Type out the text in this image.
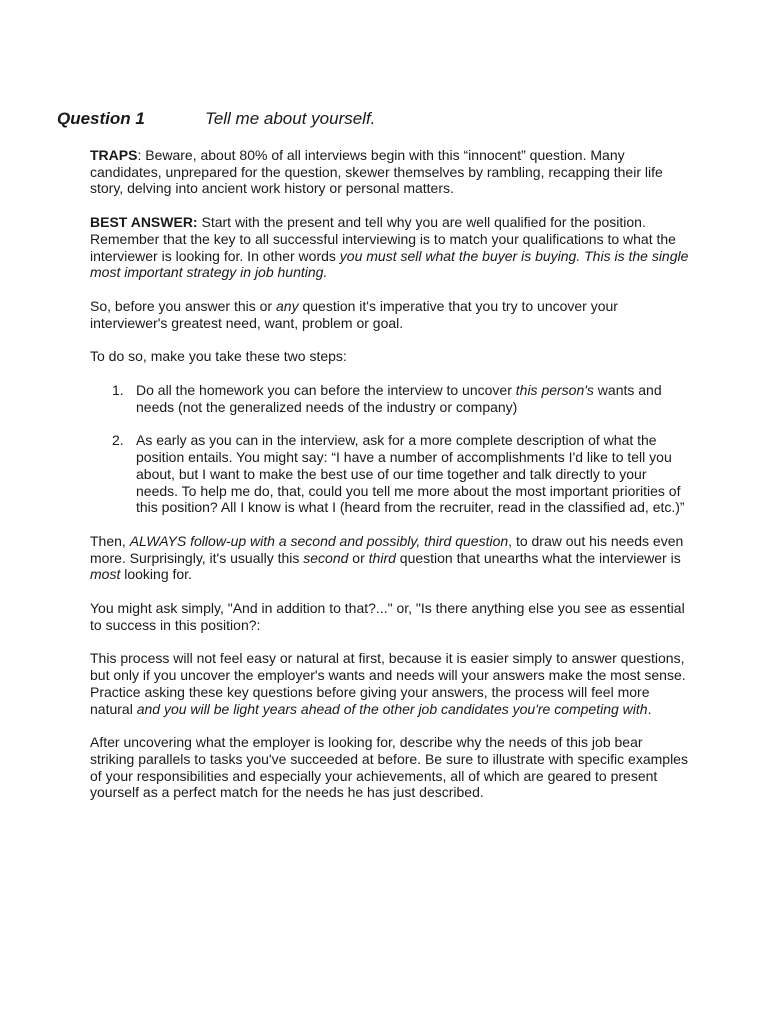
Question 1	Tell me about yourself.

TRAPS: Beware, about 80% of all interviews begin with this “innocent” question. Many candidates, unprepared for the question, skewer themselves by rambling, recapping their life story, delving into ancient work history or personal matters.

BEST ANSWER: Start with the present and tell why you are well qualified for the position. Remember that the key to all successful interviewing is to match your qualifications to what the interviewer is looking for. In other words you must sell what the buyer is buying. This is the single most important strategy in job hunting.

So, before you answer this or any question it's imperative that you try to uncover your interviewer's greatest need, want, problem or goal.

To do so, make you take these two steps:

1. Do all the homework you can before the interview to uncover this person's wants and needs (not the generalized needs of the industry or company)
2. As early as you can in the interview, ask for a more complete description of what the position entails. You might say: “I have a number of accomplishments I'd like to tell you about, but I want to make the best use of our time together and talk directly to your needs. To help me do, that, could you tell me more about the most important priorities of this position? All I know is what I (heard from the recruiter, read in the classified ad, etc.)”

Then, ALWAYS follow-up with a second and possibly, third question, to draw out his needs even more. Surprisingly, it's usually this second or third question that unearths what the interviewer is most looking for.

You might ask simply, "And in addition to that?..." or, "Is there anything else you see as essential to success in this position?:

This process will not feel easy or natural at first, because it is easier simply to answer questions, but only if you uncover the employer's wants and needs will your answers make the most sense. Practice asking these key questions before giving your answers, the process will feel more natural and you will be light years ahead of the other job candidates you're competing with.

After uncovering what the employer is looking for, describe why the needs of this job bear striking parallels to tasks you've succeeded at before. Be sure to illustrate with specific examples of your responsibilities and especially your achievements, all of which are geared to present yourself as a perfect match for the needs he has just described.
